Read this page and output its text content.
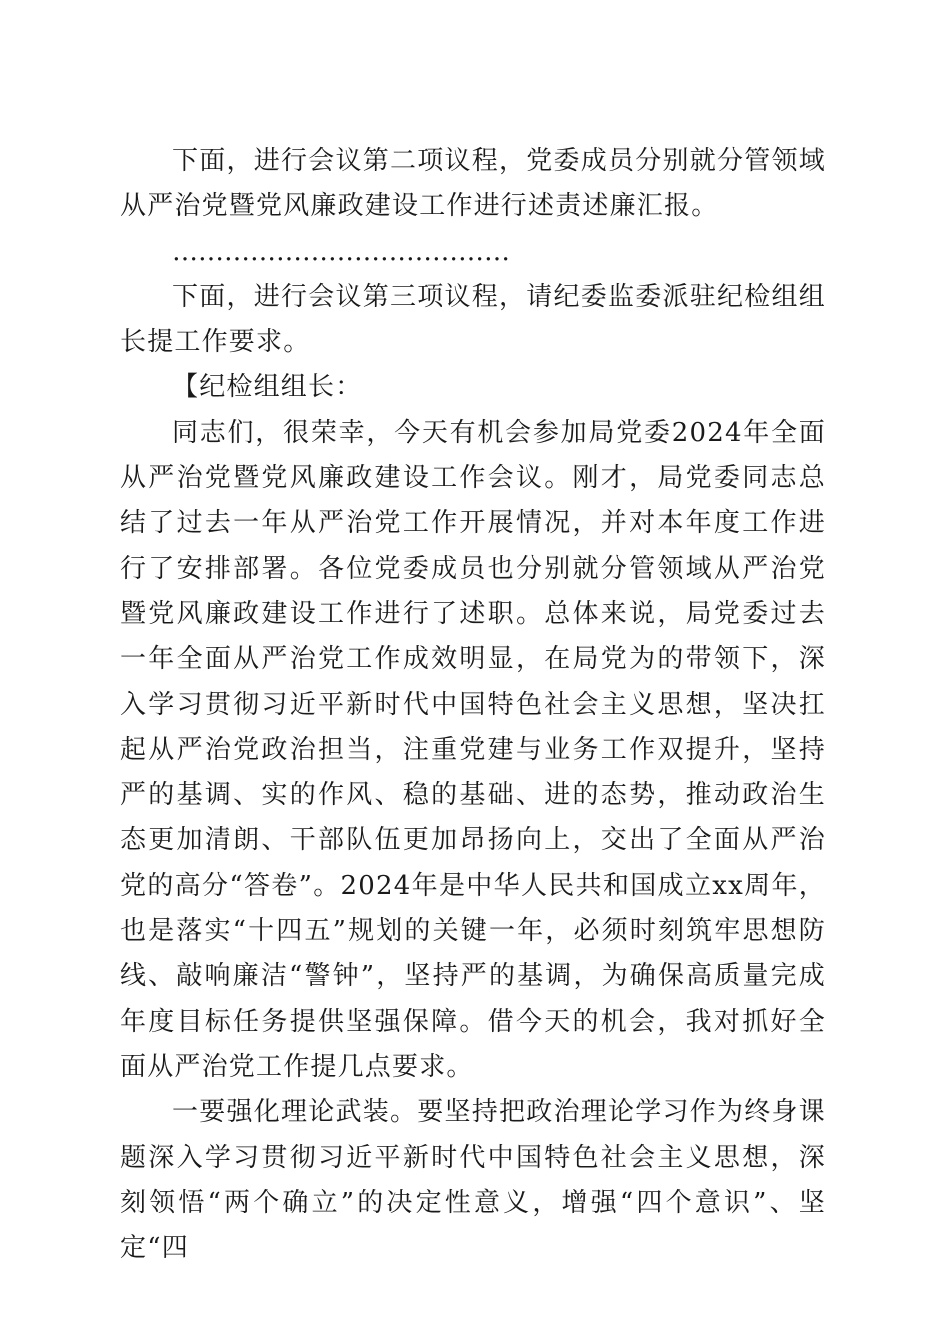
下面，进行会议第二项议程，党委成员分别就分管领域从严治党暨党风廉政建设工作进行述责述廉汇报。

…………………………………

下面，进行会议第三项议程，请纪委监委派驻纪检组组长提工作要求。

【纪检组组长：

同志们，很荣幸，今天有机会参加局党委2024年全面从严治党暨党风廉政建设工作会议。刚才，局党委同志总结了过去一年从严治党工作开展情况，并对本年度工作进行了安排部署。各位党委成员也分别就分管领域从严治党暨党风廉政建设工作进行了述职。总体来说，局党委过去一年全面从严治党工作成效明显，在局党为的带领下，深入学习贯彻习近平新时代中国特色社会主义思想，坚决扛起从严治党政治担当，注重党建与业务工作双提升，坚持严的基调、实的作风、稳的基础、进的态势，推动政治生态更加清朗、干部队伍更加昂扬向上，交出了全面从严治党的高分“答卷”。2024年是中华人民共和国成立xx周年，也是落实“十四五”规划的关键一年，必须时刻筑牢思想防线、敲响廉洁“警钟”，坚持严的基调，为确保高质量完成年度目标任务提供坚强保障。借今天的机会，我对抓好全面从严治党工作提几点要求。

一要强化理论武装。要坚持把政治理论学习作为终身课题深入学习贯彻习近平新时代中国特色社会主义思想，深刻领悟“两个确立”的决定性意义，增强“四个意识”、坚定“四
